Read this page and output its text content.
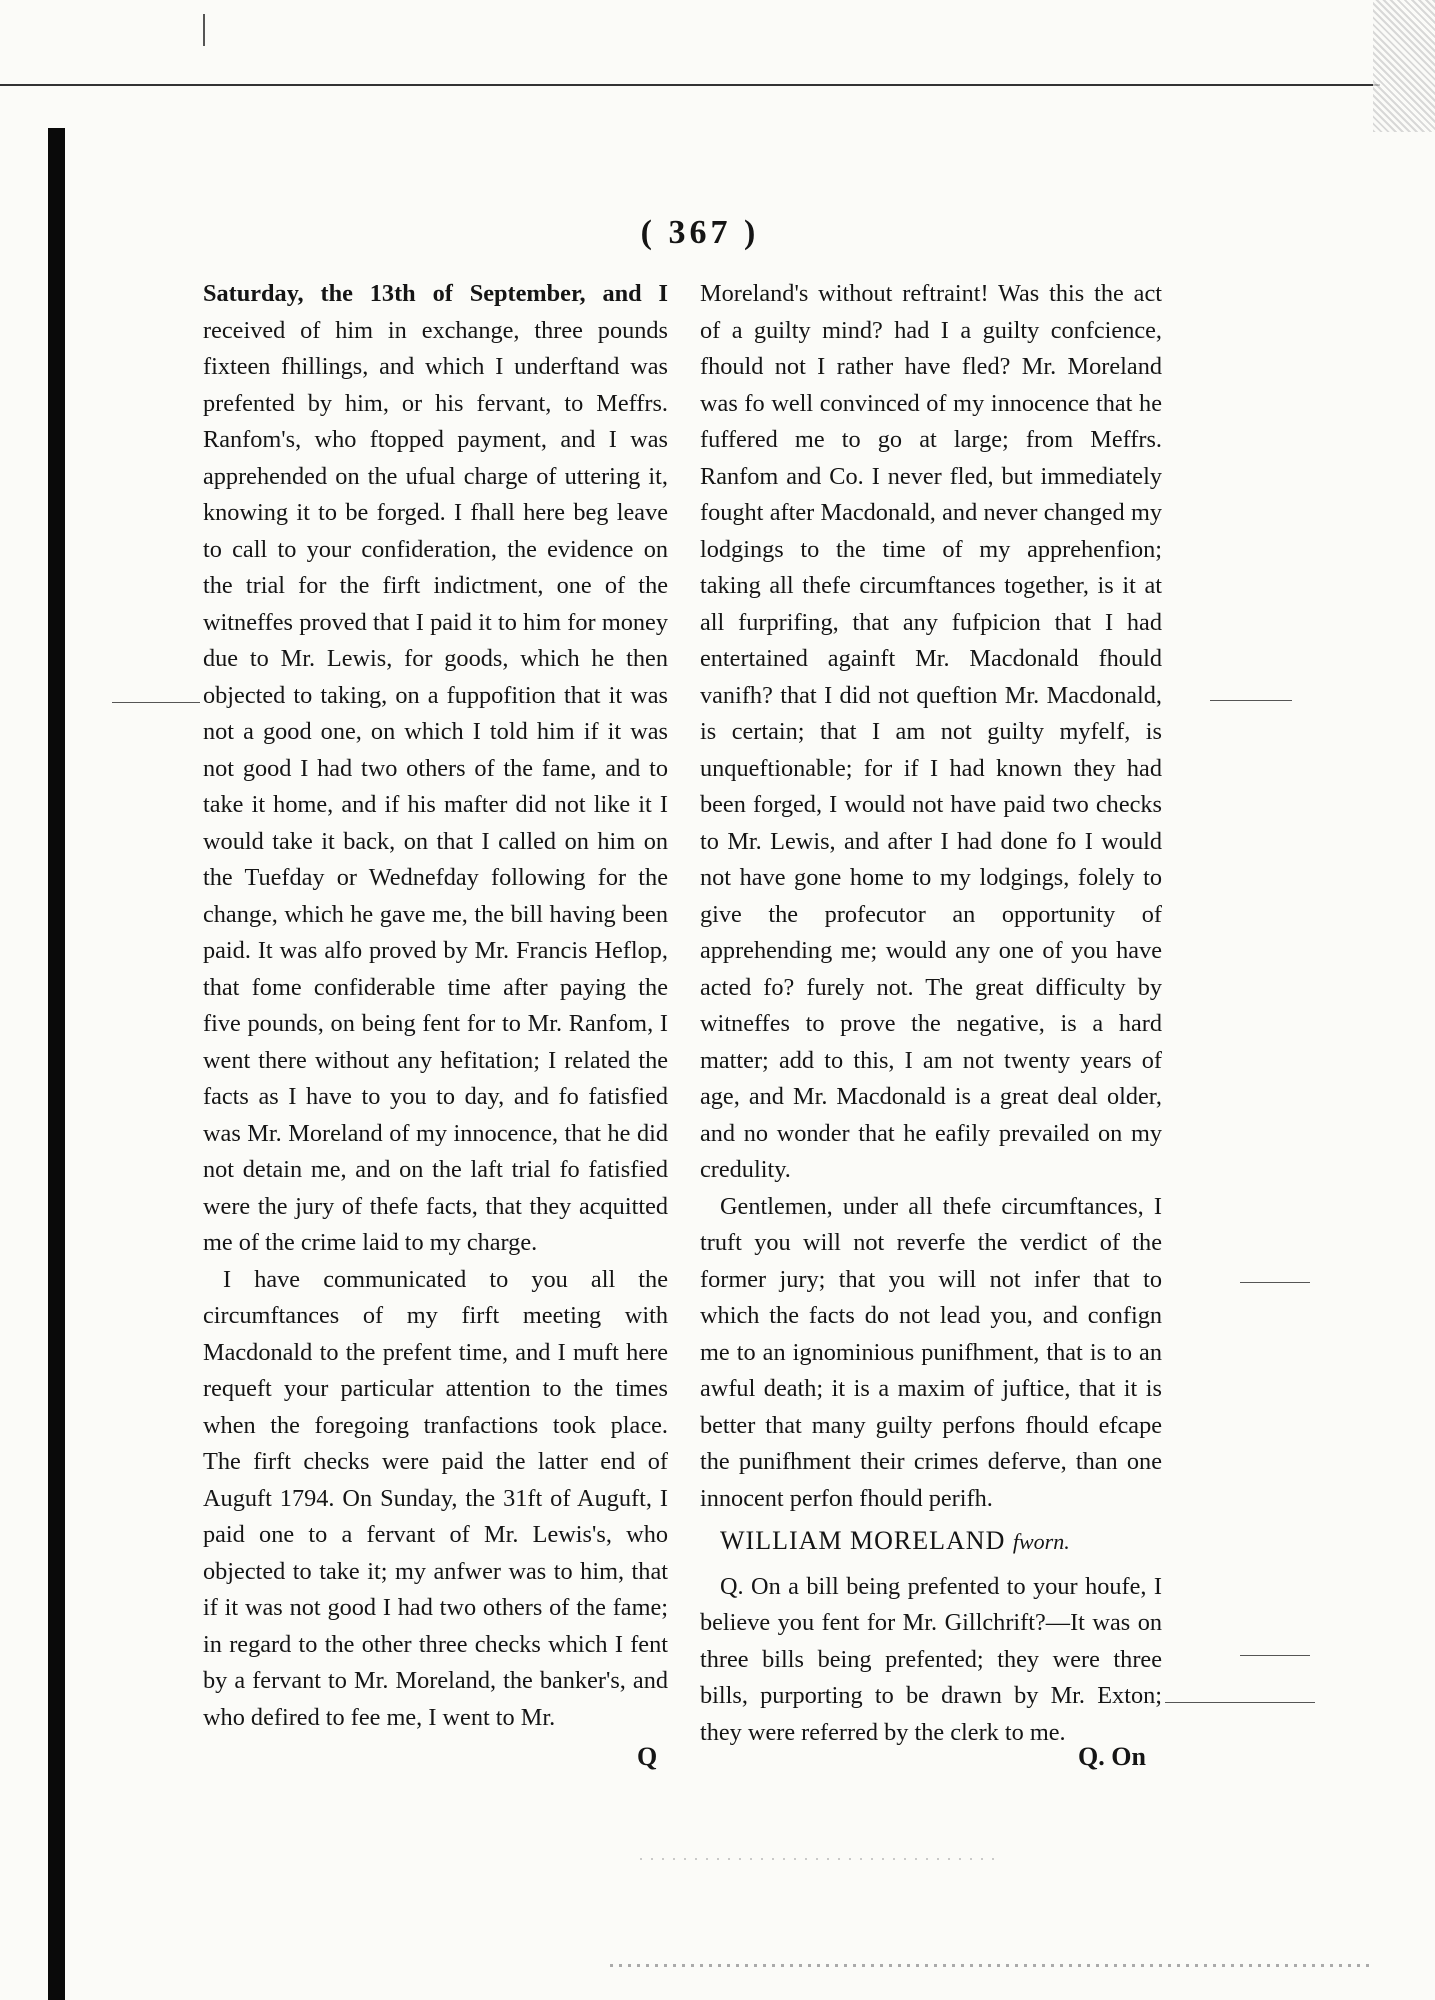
( 367 )

Saturday, the 13th of September, and I received of him in exchange, three pounds fixteen fhillings, and which I underftand was prefented by him, or his fervant, to Meffrs. Ranfom's, who ftopped payment, and I was apprehended on the ufual charge of uttering it, knowing it to be forged. I fhall here beg leave to call to your confideration, the evidence on the trial for the firft indictment, one of the witneffes proved that I paid it to him for money due to Mr. Lewis, for goods, which he then objected to taking, on a fuppofition that it was not a good one, on which I told him if it was not good I had two others of the fame, and to take it home, and if his mafter did not like it I would take it back, on that I called on him on the Tuefday or Wednefday following for the change, which he gave me, the bill having been paid. It was alfo proved by Mr. Francis Heflop, that fome confiderable time after paying the five pounds, on being fent for to Mr. Ranfom, I went there without any hefitation; I related the facts as I have to you to day, and fo fatisfied was Mr. Moreland of my innocence, that he did not detain me, and on the laft trial fo fatisfied were the jury of thefe facts, that they acquitted me of the crime laid to my charge.

I have communicated to you all the circumftances of my firft meeting with Macdonald to the prefent time, and I muft here requeft your particular attention to the times when the foregoing tranfactions took place. The firft checks were paid the latter end of Auguft 1794. On Sunday, the 31ft of Auguft, I paid one to a fervant of Mr. Lewis's, who objected to take it; my anfwer was to him, that if it was not good I had two others of the fame; in regard to the other three checks which I fent by a fervant to Mr. Moreland, the banker's, and who defired to fee me, I went to Mr.

Moreland's without reftraint! Was this the act of a guilty mind? had I a guilty confcience, fhould not I rather have fled? Mr. Moreland was fo well convinced of my innocence that he fuffered me to go at large; from Meffrs. Ranfom and Co. I never fled, but immediately fought after Macdonald, and never changed my lodgings to the time of my apprehenfion; taking all thefe circumftances together, is it at all furprifing, that any fufpicion that I had entertained againft Mr. Macdonald fhould vanifh? that I did not queftion Mr. Macdonald, is certain; that I am not guilty myfelf, is unqueftionable; for if I had known they had been forged, I would not have paid two checks to Mr. Lewis, and after I had done fo I would not have gone home to my lodgings, folely to give the profecutor an opportunity of apprehending me; would any one of you have acted fo? furely not. The great difficulty by witneffes to prove the negative, is a hard matter; add to this, I am not twenty years of age, and Mr. Macdonald is a great deal older, and no wonder that he eafily prevailed on my credulity.

Gentlemen, under all thefe circumftances, I truft you will not reverfe the verdict of the former jury; that you will not infer that to which the facts do not lead you, and confign me to an ignominious punifhment, that is to an awful death; it is a maxim of juftice, that it is better that many guilty perfons fhould efcape the punifhment their crimes deferve, than one innocent perfon fhould perifh.

WILLIAM MORELAND fworn.

Q. On a bill being prefented to your houfe, I believe you fent for Mr. Gillchrift?—It was on three bills being prefented; they were three bills, purporting to be drawn by Mr. Exton; they were referred by the clerk to me.

Q	Q. On
